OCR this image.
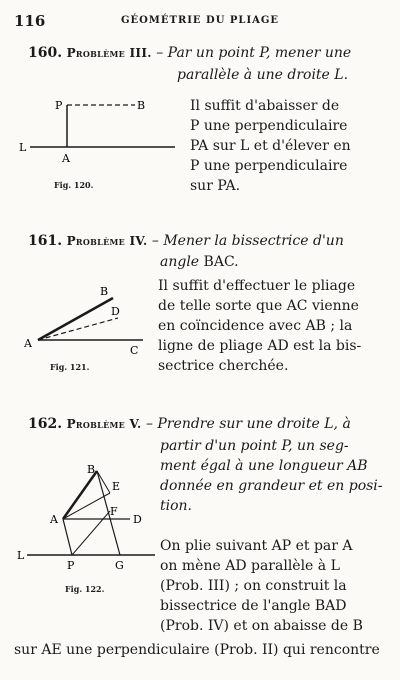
116	GÉOMÉTRIE DU PLIAGE
160. Problème III. – Par un point P, mener une
parallèle à une droite L.
P	B
L
A
Fig. 120.
Il suffit d'abaisser de
P une perpendiculaire
PA sur L et d'élever en
P une perpendiculaire
sur PA.
161. Problème IV. – Mener la bissectrice d'un
angle BAC.
A
B
D
C
Fig. 121.
Il suffit d'effectuer le pliage
de telle sorte que AC vienne
en coïncidence avec AB ; la
ligne de pliage AD est la bis-
sectrice cherchée.
162. Problème V. – Prendre sur une droite L, à
partir d'un point P, un seg-
ment égal à une longueur AB
donnée en grandeur et en posi-
tion.
B
E
F
D
A
L
P	G
Fig. 122.
On plie suivant AP et par A
on mène AD parallèle à L
(Prob. III) ; on construit la
bissectrice de l'angle BAD
(Prob. IV) et on abaisse de B
sur AE une perpendiculaire (Prob. II) qui rencontre
